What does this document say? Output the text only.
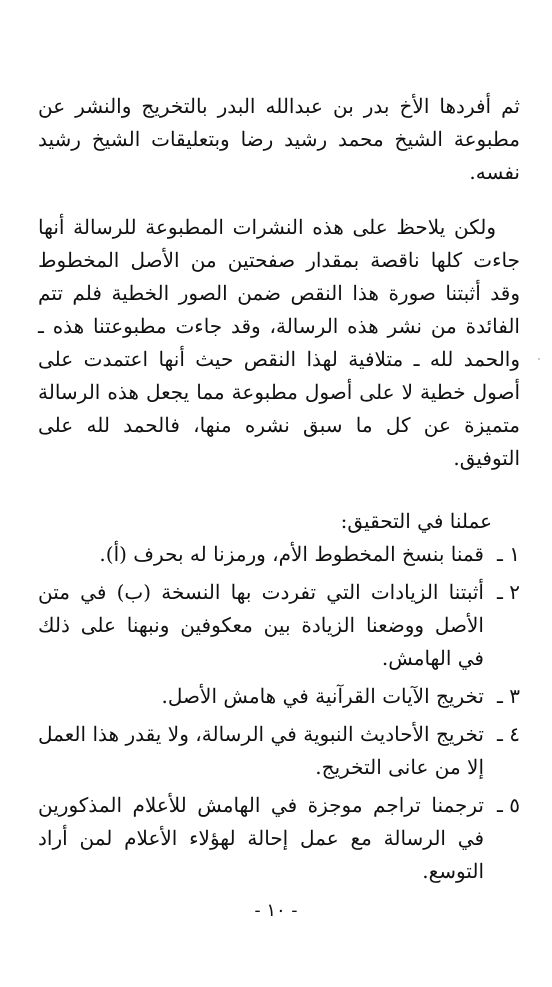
ثم أفردها الأخ بدر بن عبدالله البدر بالتخريج والنشر عن مطبوعة الشيخ محمد رشيد رضا وبتعليقات الشيخ رشيد نفسه.
ولكن يلاحظ على هذه النشرات المطبوعة للرسالة أنها جاءت كلها ناقصة بمقدار صفحتين من الأصل المخطوط وقد أثبتنا صورة هذا النقص ضمن الصور الخطية فلم تتم الفائدة من نشر هذه الرسالة، وقد جاءت مطبوعتنا هذه ـ والحمد لله ـ متلافية لهذا النقص حيث أنها اعتمدت على أصول خطية لا على أصول مطبوعة مما يجعل هذه الرسالة متميزة عن كل ما سبق نشره منها، فالحمد لله على التوفيق.
عملنا في التحقيق:
١ ـ
قمنا بنسخ المخطوط الأم، ورمزنا له بحرف (أ).
٢ ـ
أثبتنا الزيادات التي تفردت بها النسخة (ب) في متن الأصل ووضعنا الزيادة بين معكوفين ونبهنا على ذلك في الهامش.
٣ ـ
تخريج الآيات القرآنية في هامش الأصل.
٤ ـ
تخريج الأحاديث النبوية في الرسالة، ولا يقدر هذا العمل إلا من عانى التخريج.
٥ ـ
ترجمنا تراجم موجزة في الهامش للأعلام المذكورين في الرسالة مع عمل إحالة لهؤلاء الأعلام لمن أراد التوسع.
- ١٠ -
